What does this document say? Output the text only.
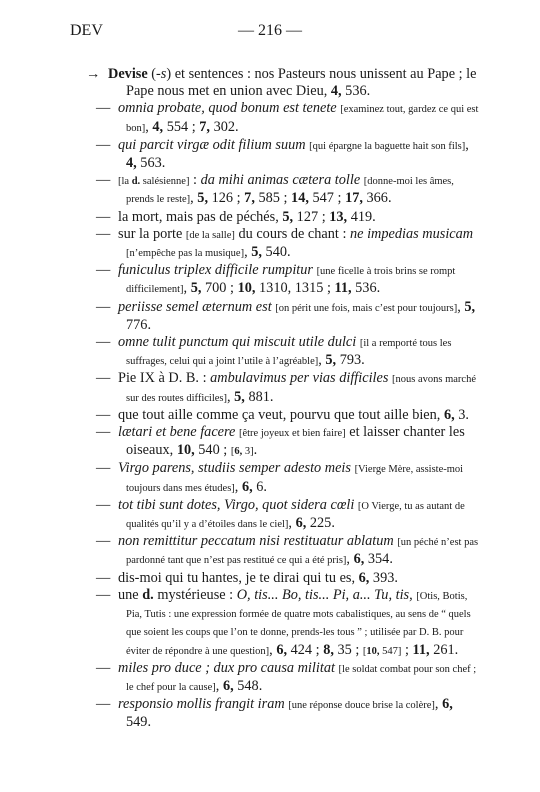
DEV	— 216 —

→ Devise (-s) et sentences : nos Pasteurs nous unissent au Pape ; le Pape nous met en union avec Dieu, 4, 536.

— omnia probate, quod bonum est tenete [examinez tout, gardez ce qui est bon], 4, 554 ; 7, 302.

— qui parcit virgæ odit filium suum [qui épargne la baguette hait son fils], 4, 563.

— [la d. salésienne] : da mihi animas cætera tolle [donne-moi les âmes, prends le reste], 5, 126 ; 7, 585 ; 14, 547 ; 17, 366.

— la mort, mais pas de péchés, 5, 127 ; 13, 419.

— sur la porte [de la salle] du cours de chant : ne impedias musicam [n’empêche pas la musique], 5, 540.

— funiculus triplex difficile rumpitur [une ficelle à trois brins se rompt difficilement], 5, 700 ; 10, 1310, 1315 ; 11, 536.

— periisse semel æternum est [on périt une fois, mais c’est pour toujours], 5, 776.

— omne tulit punctum qui miscuit utile dulci [il a remporté tous les suffrages, celui qui a joint l’utile à l’agréable], 5, 793.

— Pie IX à D. B. : ambulavimus per vias difficiles [nous avons marché sur des routes difficiles], 5, 881.

— que tout aille comme ça veut, pourvu que tout aille bien, 6, 3.

— lætari et bene facere [être joyeux et bien faire] et laisser chanter les oiseaux, 10, 540 ; [6, 3].

— Virgo parens, studiis semper adesto meis [Vierge Mère, assiste-moi toujours dans mes études], 6, 6.

— tot tibi sunt dotes, Virgo, quot sidera cœli [O Vierge, tu as autant de qualités qu’il y a d’étoiles dans le ciel], 6, 225.

— non remittitur peccatum nisi restituatur ablatum [un péché n’est pas pardonné tant que n’est pas restitué ce qui a été pris], 6, 354.

— dis-moi qui tu hantes, je te dirai qui tu es, 6, 393.

— une d. mystérieuse : O, tis... Bo, tis... Pi, a... Tu, tis, [Otis, Botis, Pia, Tutis : une expression formée de quatre mots cabalistiques, au sens de “ quels que soient les coups que l’on te donne, prends-les tous ” ; utilisée par D. B. pour éviter de répondre à une question], 6, 424 ; 8, 35 ; [10, 547] ; 11, 261.

— miles pro duce ; dux pro causa militat [le soldat combat pour son chef ; le chef pour la cause], 6, 548.

— responsio mollis frangit iram [une réponse douce brise la colère], 6, 549.
